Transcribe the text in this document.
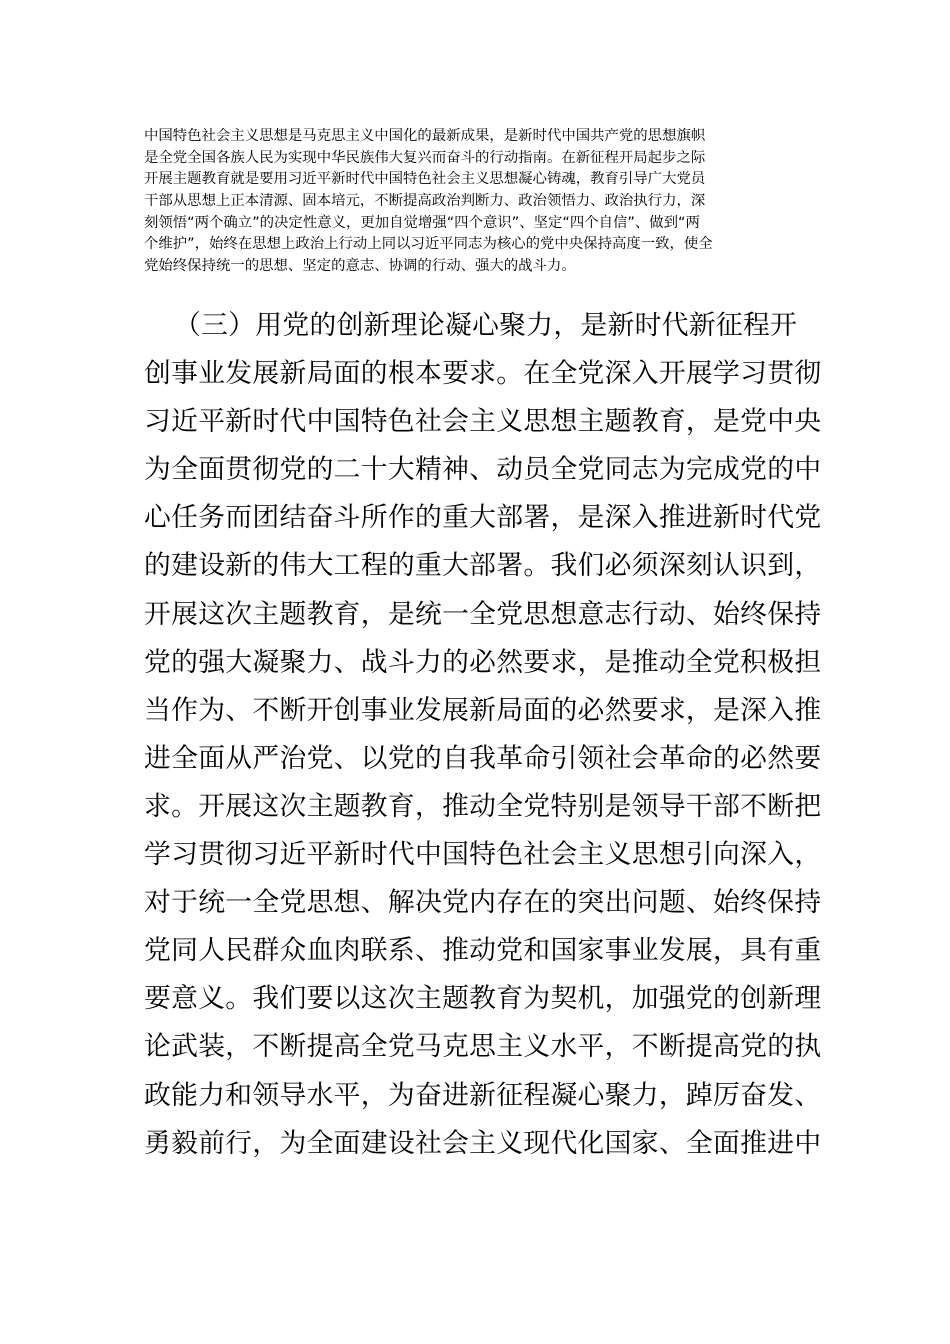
中国特色社会主义思想是马克思主义中国化的最新成果，是新时代中国共产党的思想旗帜
是全党全国各族人民为实现中华民族伟大复兴而奋斗的行动指南。在新征程开局起步之际
开展主题教育就是要用习近平新时代中国特色社会主义思想凝心铸魂，教育引导广大党员
干部从思想上正本清源、固本培元，不断提高政治判断力、政治领悟力、政治执行力，深
刻领悟“两个确立”的决定性意义，更加自觉增强“四个意识”、坚定“四个自信”、做到“两
个维护”，始终在思想上政治上行动上同以习近平同志为核心的党中央保持高度一致，使全
党始终保持统一的思想、坚定的意志、协调的行动、强大的战斗力。
（三）用党的创新理论凝心聚力，是新时代新征程开
创事业发展新局面的根本要求。在全党深入开展学习贯彻
习近平新时代中国特色社会主义思想主题教育，是党中央
为全面贯彻党的二十大精神、动员全党同志为完成党的中
心任务而团结奋斗所作的重大部署，是深入推进新时代党
的建设新的伟大工程的重大部署。我们必须深刻认识到，
开展这次主题教育，是统一全党思想意志行动、始终保持
党的强大凝聚力、战斗力的必然要求，是推动全党积极担
当作为、不断开创事业发展新局面的必然要求，是深入推
进全面从严治党、以党的自我革命引领社会革命的必然要
求。开展这次主题教育，推动全党特别是领导干部不断把
学习贯彻习近平新时代中国特色社会主义思想引向深入，
对于统一全党思想、解决党内存在的突出问题、始终保持
党同人民群众血肉联系、推动党和国家事业发展，具有重
要意义。我们要以这次主题教育为契机，加强党的创新理
论武装，不断提高全党马克思主义水平，不断提高党的执
政能力和领导水平，为奋进新征程凝心聚力，踔厉奋发、
勇毅前行，为全面建设社会主义现代化国家、全面推进中
